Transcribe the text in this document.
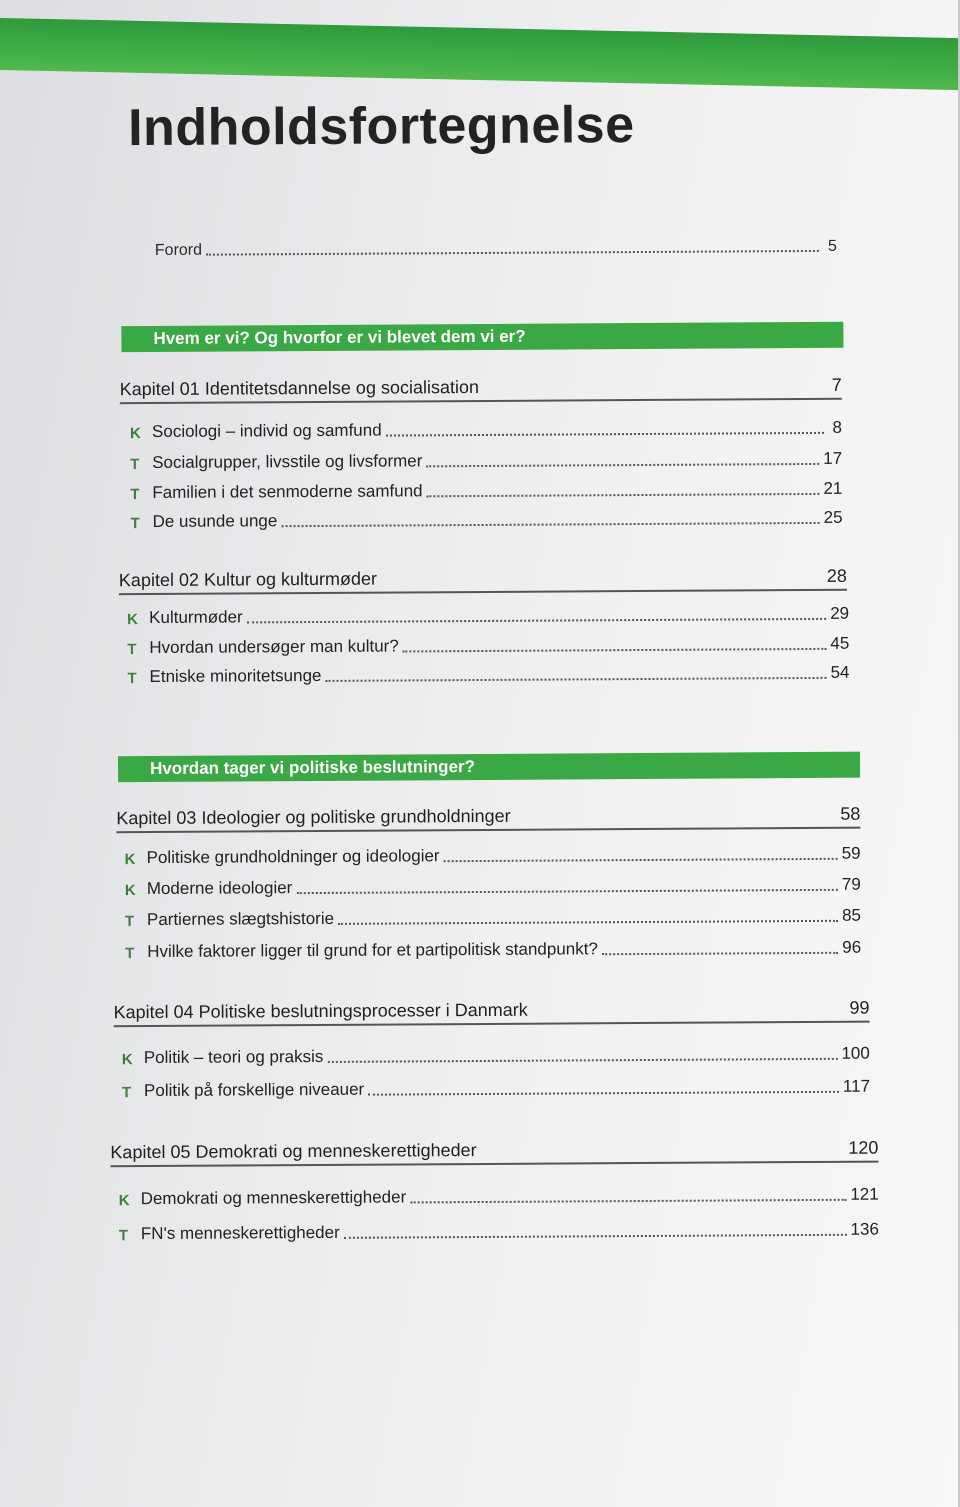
Indholdsfortegnelse
Forord	5
Hvem er vi? Og hvorfor er vi blevet dem vi er?
Kapitel 01 Identitetsdannelse og socialisation	7
K Sociologi – individ og samfund	8
T Socialgrupper, livsstile og livsformer	17
T Familien i det senmoderne samfund	21
T De usunde unge	25
Kapitel 02 Kultur og kulturmøder	28
K Kulturmøder	29
T Hvordan undersøger man kultur?	45
T Etniske minoritetsunge	54
Hvordan tager vi politiske beslutninger?
Kapitel 03 Ideologier og politiske grundholdninger	58
K Politiske grundholdninger og ideologier	59
K Moderne ideologier	79
T Partiernes slægtshistorie	85
T Hvilke faktorer ligger til grund for et partipolitisk standpunkt?	96
Kapitel 04 Politiske beslutningsprocesser i Danmark	99
K Politik – teori og praksis	100
T Politik på forskellige niveauer	117
Kapitel 05 Demokrati og menneskerettigheder	120
K Demokrati og menneskerettigheder	121
T FN's menneskerettigheder	136
